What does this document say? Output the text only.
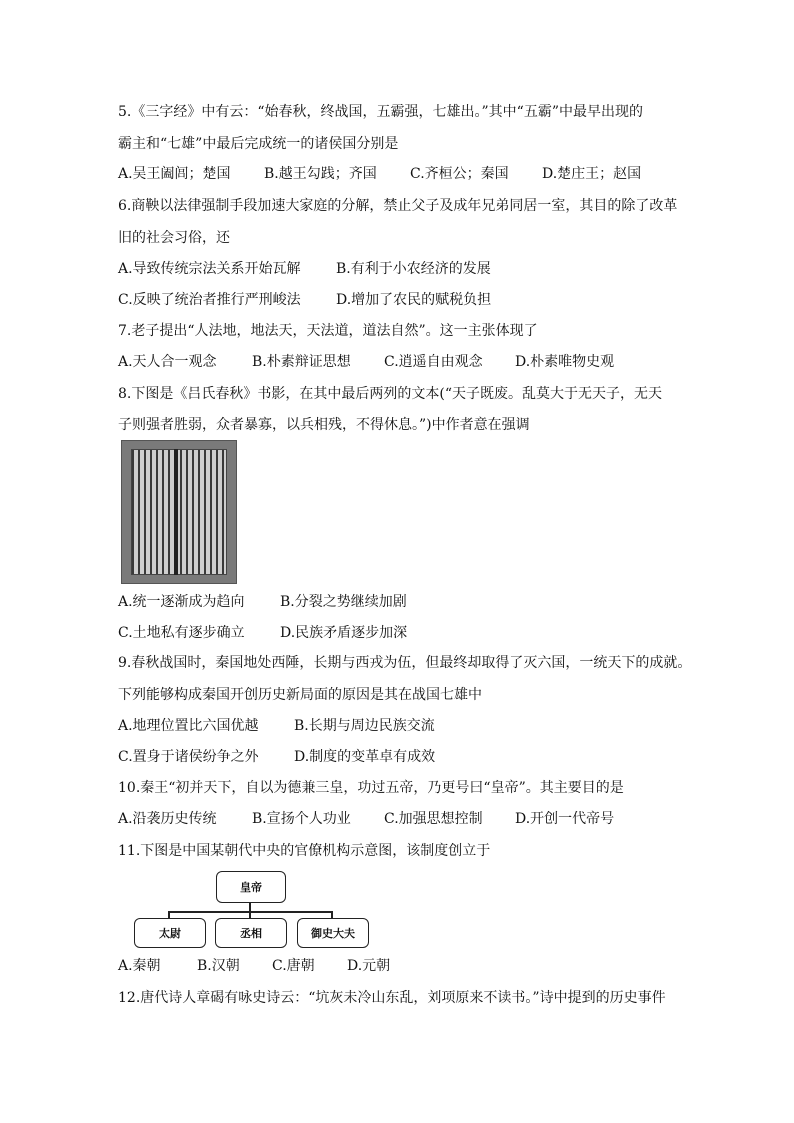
5.《三字经》中有云：“始春秋，终战国，五霸强，七雄出。”其中“五霸”中最早出现的
霸主和“七雄”中最后完成统一的诸侯国分别是
A.吴王阖闾；楚国 B.越王勾践；齐国 C.齐桓公；秦国 D.楚庄王；赵国
6.商鞅以法律强制手段加速大家庭的分解，禁止父子及成年兄弟同居一室，其目的除了改革
旧的社会习俗，还
A.导致传统宗法关系开始瓦解	B.有利于小农经济的发展
C.反映了统治者推行严刑峻法	D.增加了农民的赋税负担
7.老子提出“人法地，地法天，天法道，道法自然”。这一主张体现了
A.天人合一观念	B.朴素辩证思想 C.逍遥自由观念 D.朴素唯物史观
8.下图是《吕氏春秋》书影，在其中最后两列的文本(“天子既废。乱莫大于无天子，无天
子则强者胜弱，众者暴寡，以兵相残，不得休息。”)中作者意在强调
A.统一逐渐成为趋向	B.分裂之势继续加剧
C.土地私有逐步确立	D.民族矛盾逐步加深
9.春秋战国时，秦国地处西陲，长期与西戎为伍，但最终却取得了灭六国，一统天下的成就。
下列能够构成秦国开创历史新局面的原因是其在战国七雄中
A.地理位置比六国优越	B.长期与周边民族交流
C.置身于诸侯纷争之外	D.制度的变革卓有成效
10.秦王“初并天下，自以为德兼三皇，功过五帝，乃更号曰“皇帝”。其主要目的是
A.沿袭历史传统	B.宣扬个人功业 C.加强思想控制 D.开创一代帝号
11.下图是中国某朝代中央的官僚机构示意图，该制度创立于
皇帝
太尉	丞相	御史大夫
A.秦朝	B.汉朝 C.唐朝 D.元朝
12.唐代诗人章碣有咏史诗云：“坑灰未冷山东乱，刘项原来不读书。”诗中提到的历史事件
